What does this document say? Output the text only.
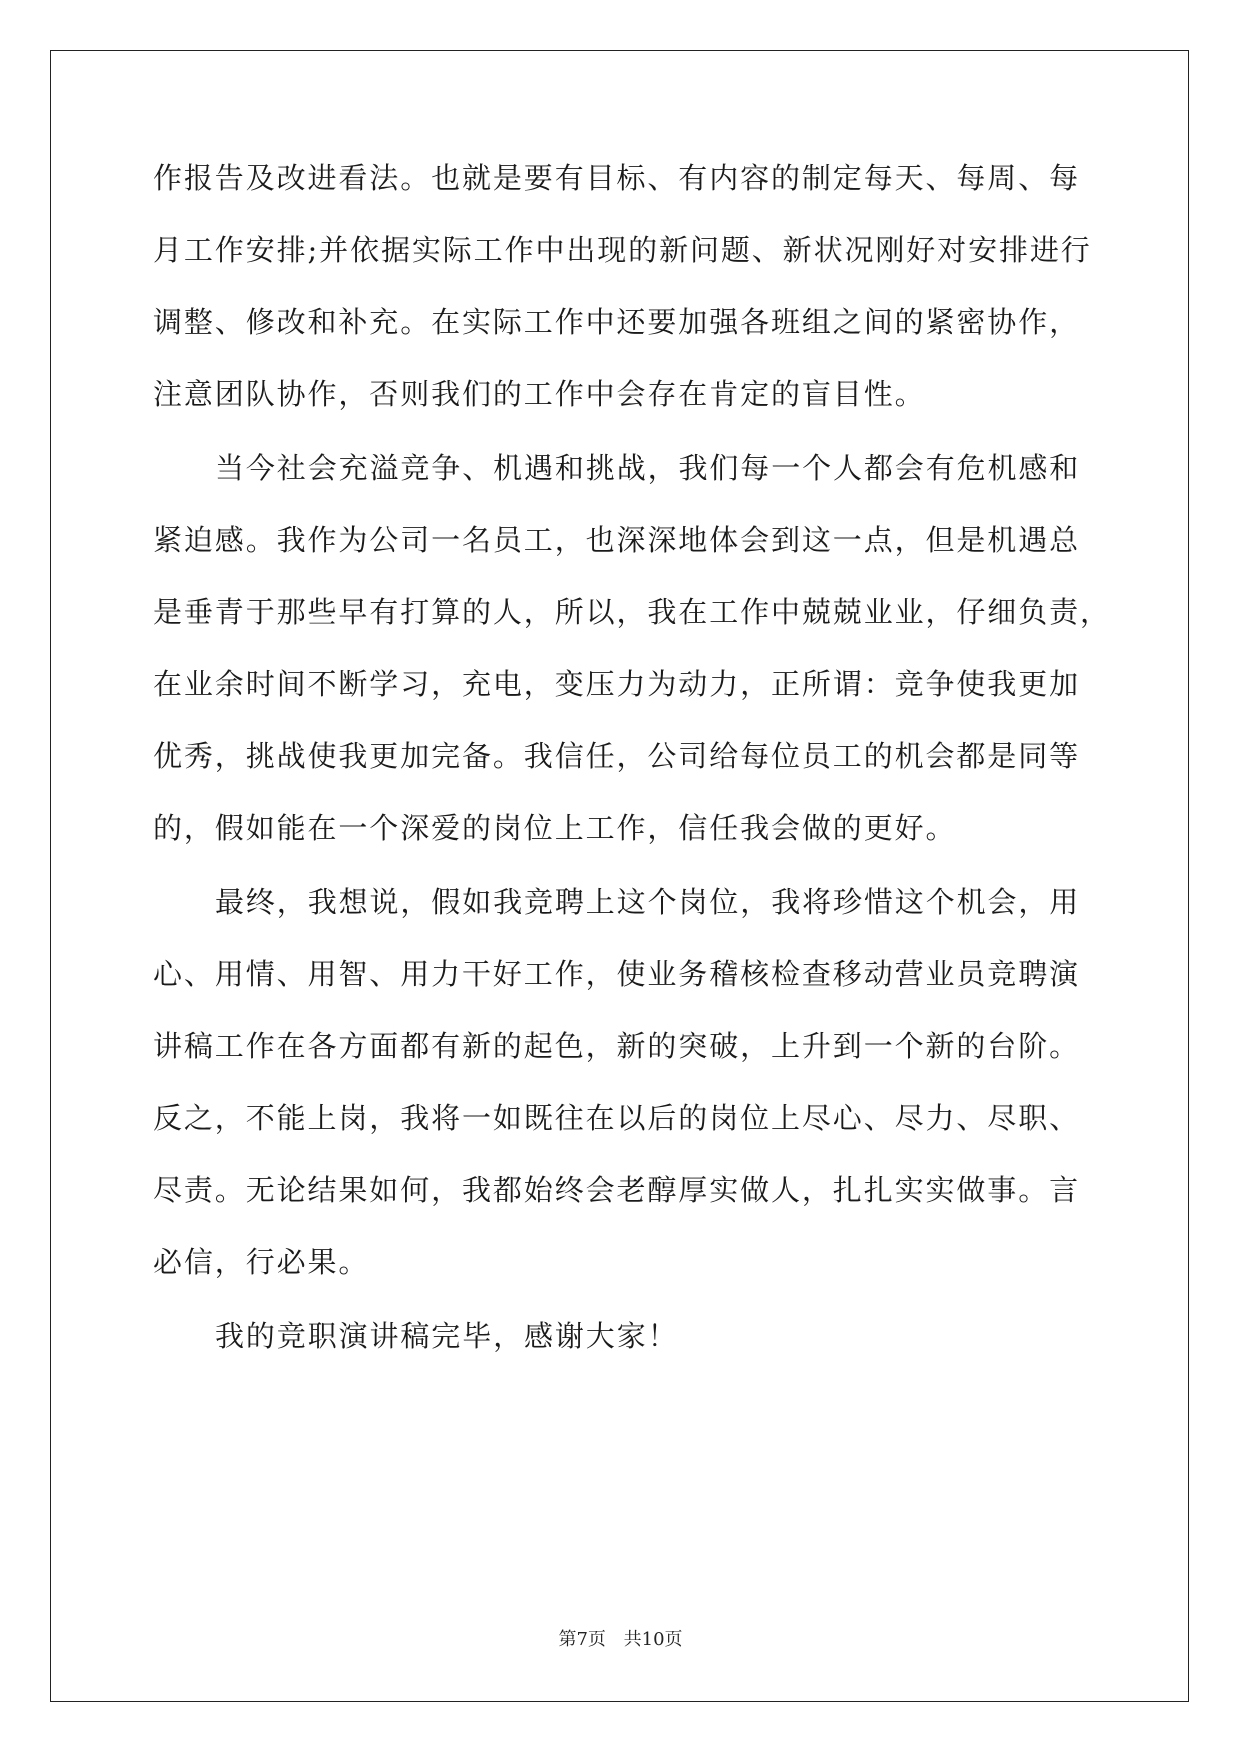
作报告及改进看法。也就是要有目标、有内容的制定每天、每周、每
月工作安排;并依据实际工作中出现的新问题、新状况刚好对安排进行
调整、修改和补充。在实际工作中还要加强各班组之间的紧密协作，
注意团队协作，否则我们的工作中会存在肯定的盲目性。
当今社会充溢竞争、机遇和挑战，我们每一个人都会有危机感和
紧迫感。我作为公司一名员工，也深深地体会到这一点，但是机遇总
是垂青于那些早有打算的人，所以，我在工作中兢兢业业，仔细负责，
在业余时间不断学习，充电，变压力为动力，正所谓：竞争使我更加
优秀，挑战使我更加完备。我信任，公司给每位员工的机会都是同等
的，假如能在一个深爱的岗位上工作，信任我会做的更好。
最终，我想说，假如我竞聘上这个岗位，我将珍惜这个机会，用
心、用情、用智、用力干好工作，使业务稽核检查移动营业员竞聘演
讲稿工作在各方面都有新的起色，新的突破，上升到一个新的台阶。
反之，不能上岗，我将一如既往在以后的岗位上尽心、尽力、尽职、
尽责。无论结果如何，我都始终会老醇厚实做人，扎扎实实做事。言
必信，行必果。
我的竞职演讲稿完毕，感谢大家！
第7页 共10页
